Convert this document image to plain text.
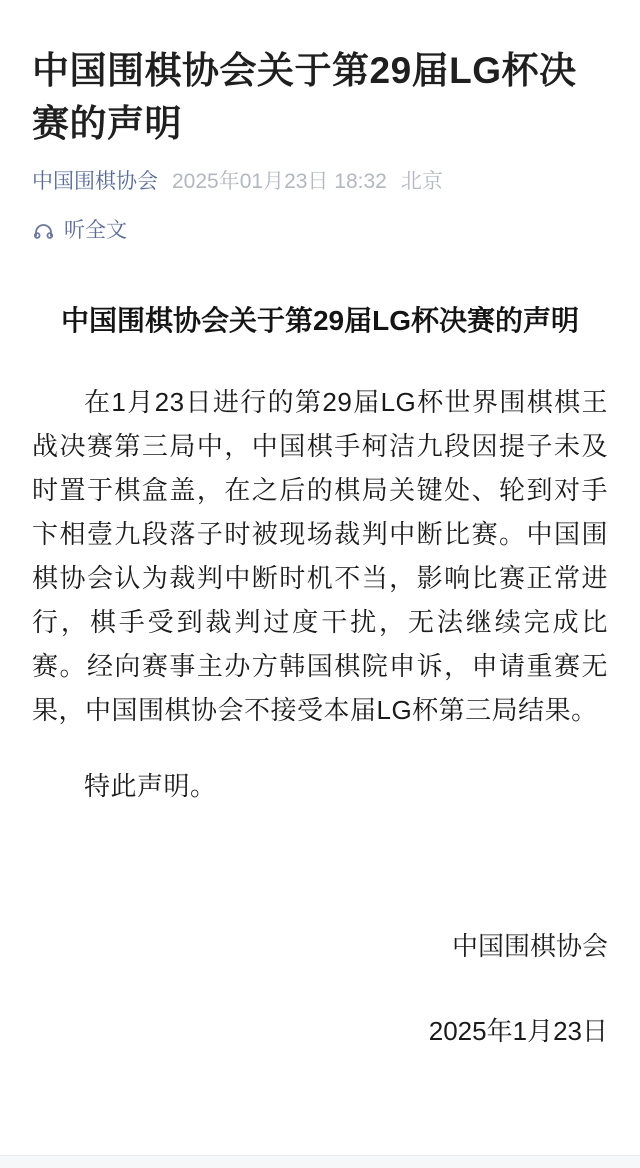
中国围棋协会关于第29届LG杯决赛的声明
中国围棋协会 2025年01月23日 18:32 北京
听全文
中国围棋协会关于第29届LG杯决赛的声明

在1月23日进行的第29届LG杯世界围棋棋王战决赛第三局中，中国棋手柯洁九段因提子未及时置于棋盒盖，在之后的棋局关键处、轮到对手卞相壹九段落子时被现场裁判中断比赛。中国围棋协会认为裁判中断时机不当，影响比赛正常进行，棋手受到裁判过度干扰，无法继续完成比赛。经向赛事主办方韩国棋院申诉，申请重赛无果，中国围棋协会不接受本届LG杯第三局结果。

特此声明。

中国围棋协会
2025年1月23日
